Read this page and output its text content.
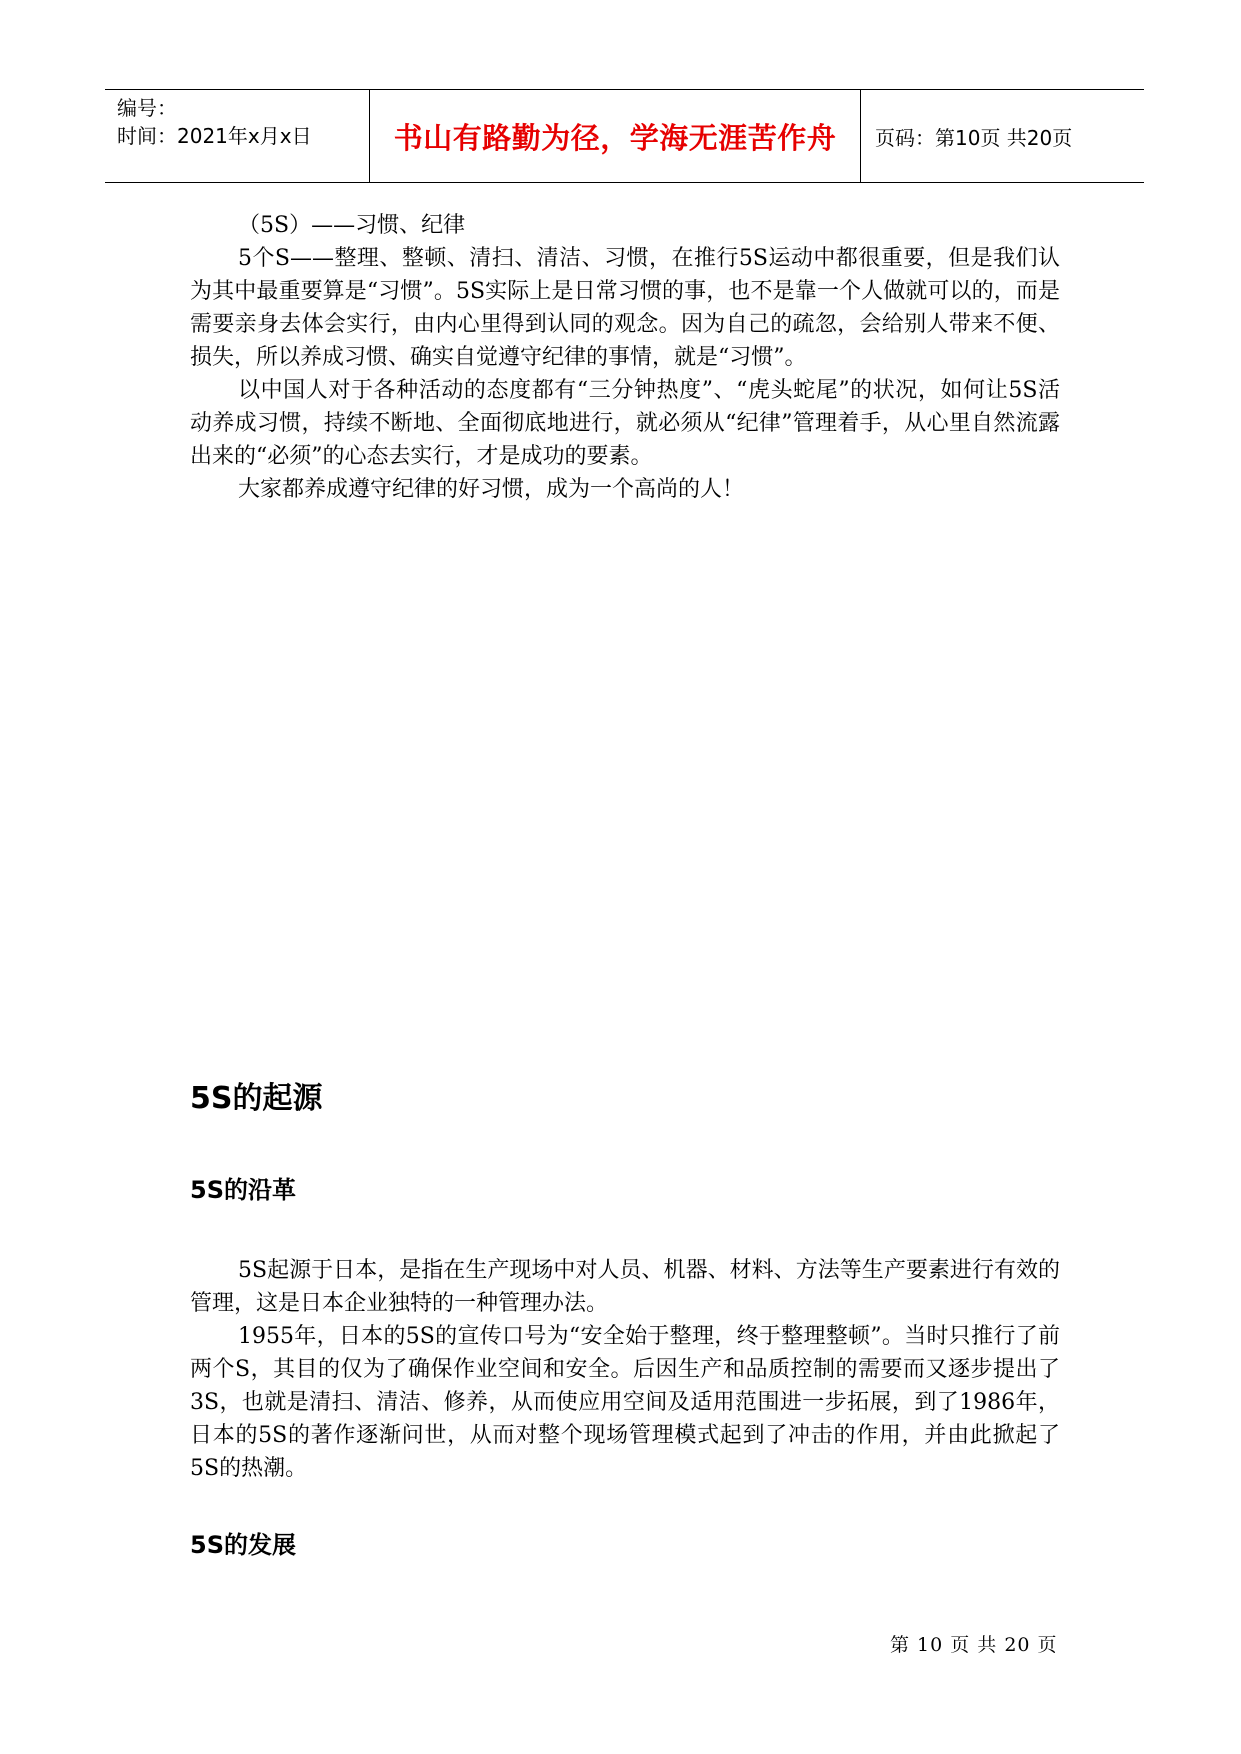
编号：
时间：2021年x月x日	书山有路勤为径，学海无涯苦作舟 页码：第10页 共20页

（5S）——习惯、纪律

5个S——整理、整顿、清扫、清洁、习惯，在推行5S运动中都很重要，但是我们认为其中最重要算是“习惯”。5S实际上是日常习惯的事，也不是靠一个人做就可以的，而是需要亲身去体会实行，由内心里得到认同的观念。因为自己的疏忽，会给别人带来不便、损失，所以养成习惯、确实自觉遵守纪律的事情，就是“习惯”。

以中国人对于各种活动的态度都有“三分钟热度”、“虎头蛇尾”的状况，如何让5S活动养成习惯，持续不断地、全面彻底地进行，就必须从“纪律”管理着手，从心里自然流露出来的“必须”的心态去实行，才是成功的要素。

大家都养成遵守纪律的好习惯，成为一个高尚的人！

5S的起源
5S的沿革

5S起源于日本，是指在生产现场中对人员、机器、材料、方法等生产要素进行有效的管理，这是日本企业独特的一种管理办法。

1955年，日本的5S的宣传口号为“安全始于整理，终于整理整顿”。当时只推行了前两个S，其目的仅为了确保作业空间和安全。后因生产和品质控制的需要而又逐步提出了3S，也就是清扫、清洁、修养，从而使应用空间及适用范围进一步拓展，到了1986年，日本的5S的著作逐渐问世，从而对整个现场管理模式起到了冲击的作用，并由此掀起了5S的热潮。

5S的发展
第 10 页 共 20 页
